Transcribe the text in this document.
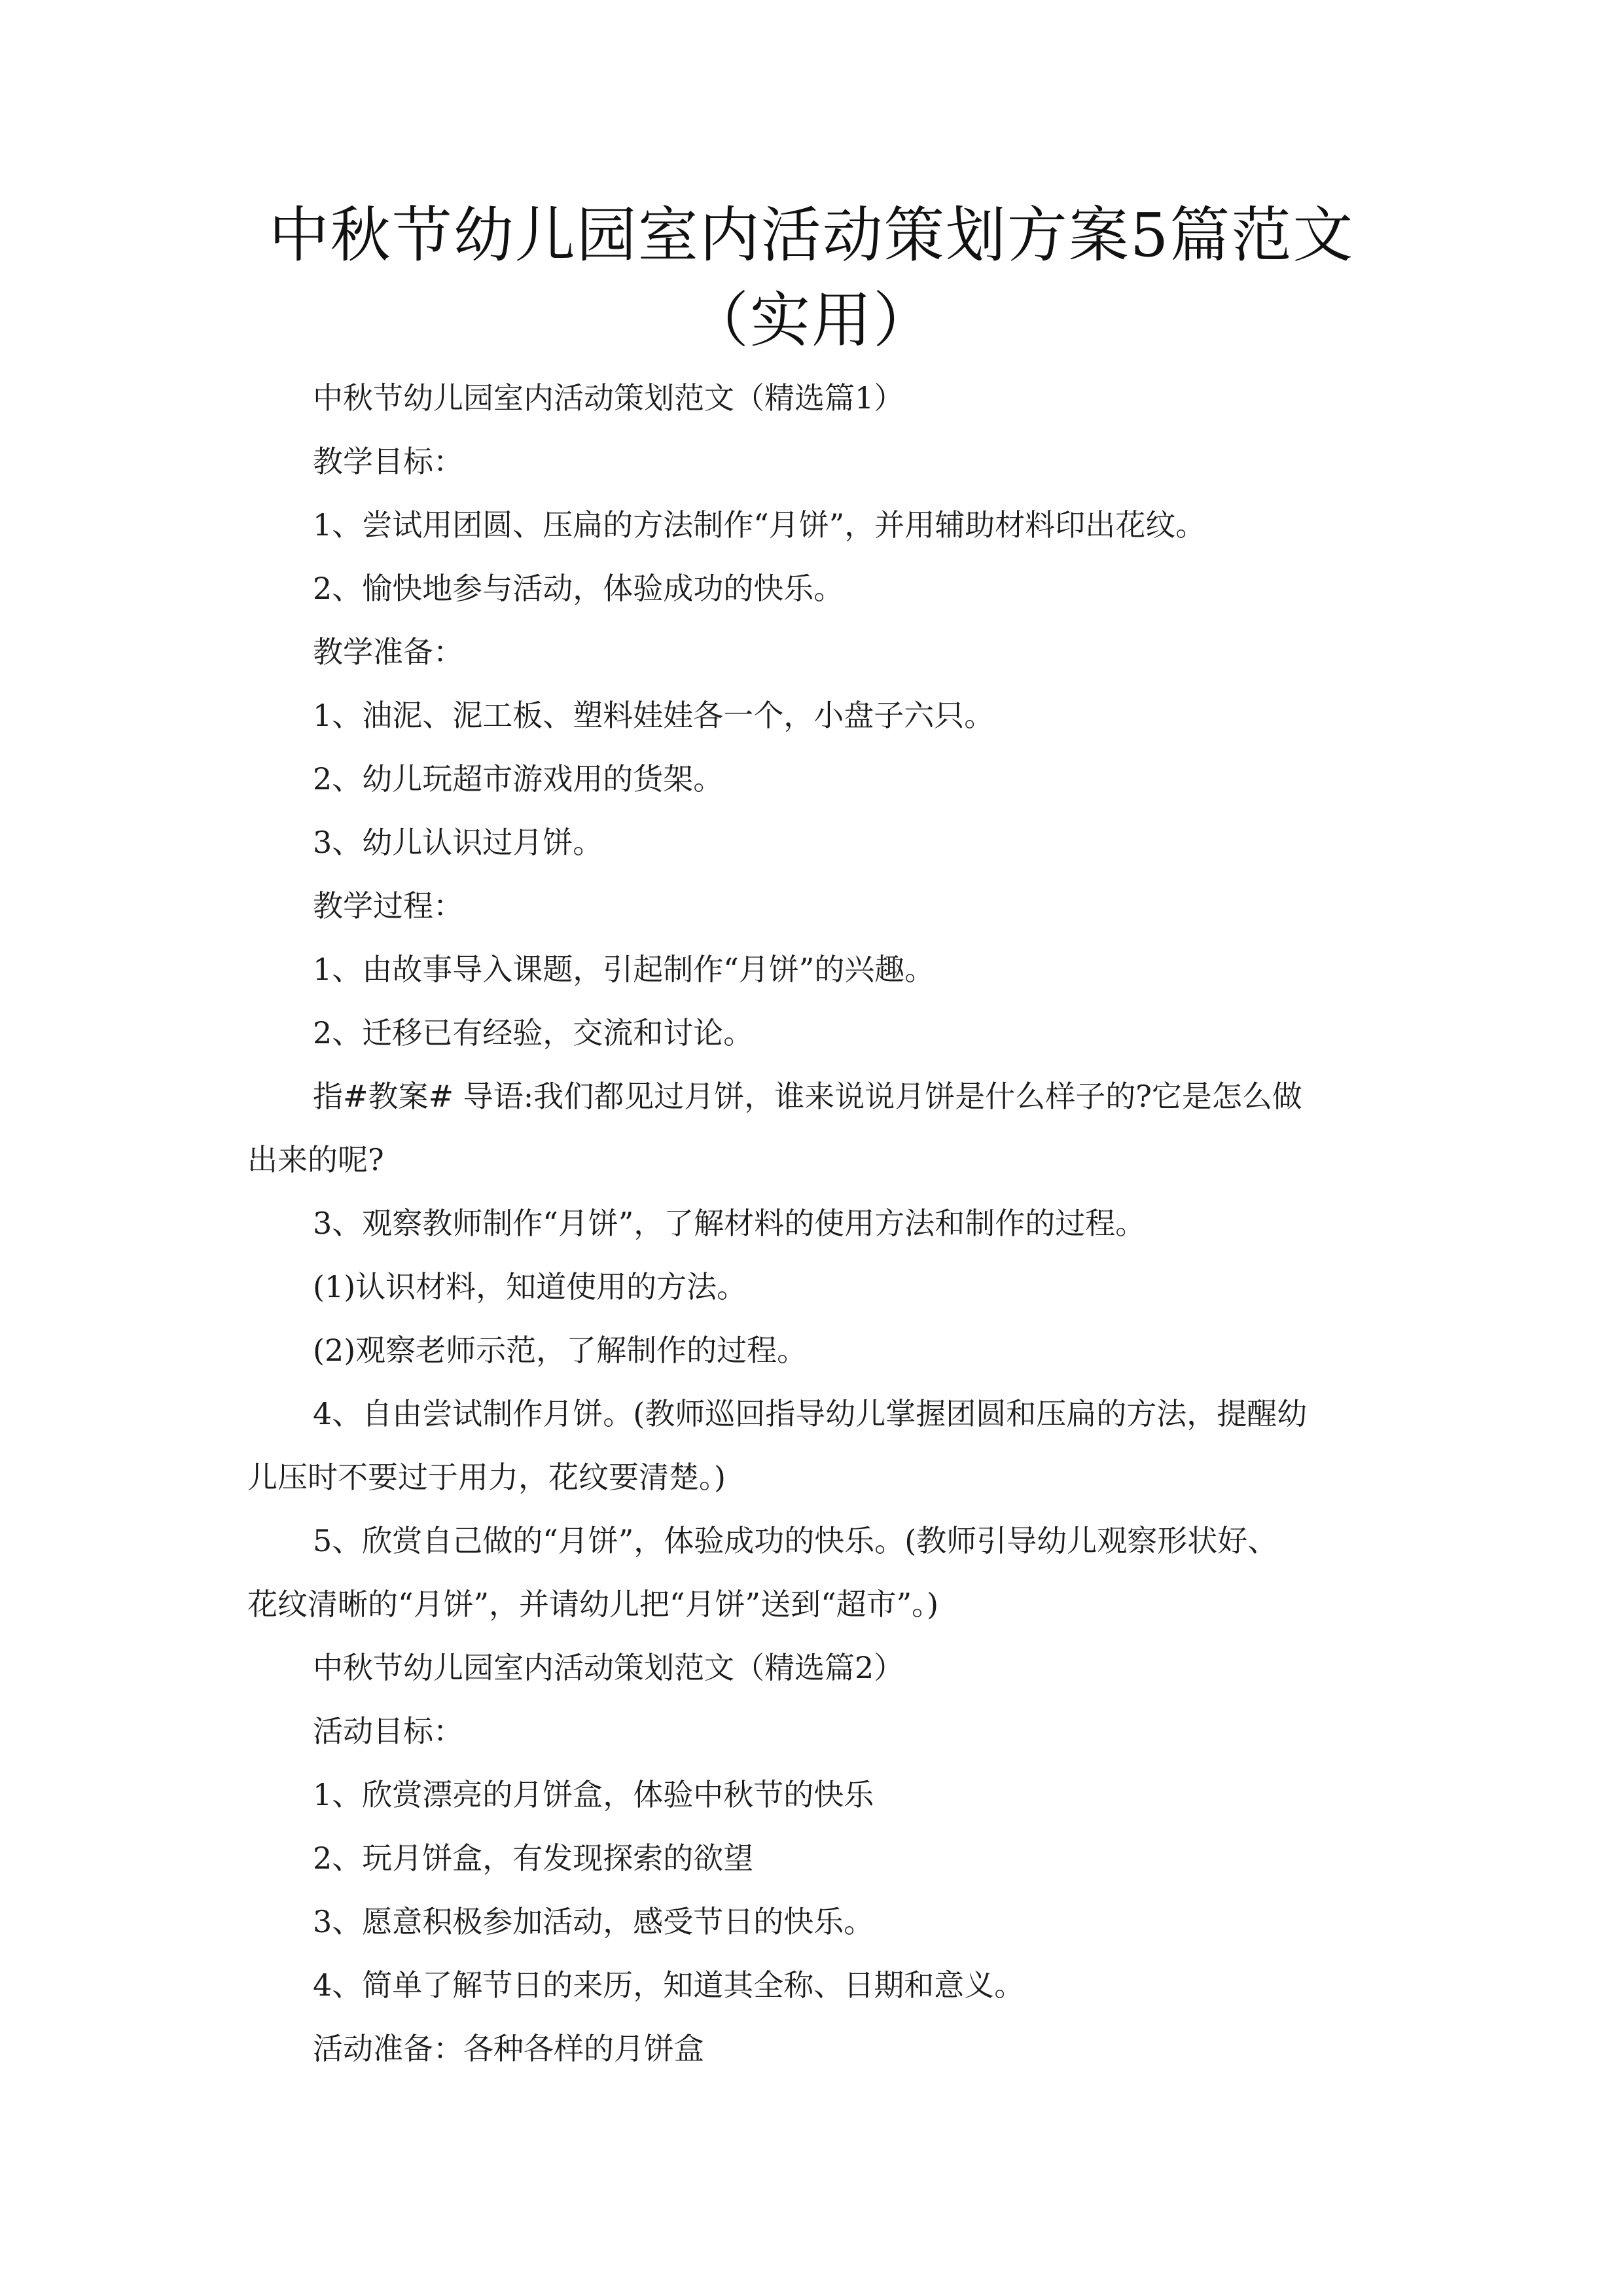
中秋节幼儿园室内活动策划方案5篇范文
（实用）
中秋节幼儿园室内活动策划范文（精选篇1）
教学目标：
1、尝试用团圆、压扁的方法制作“月饼”，并用辅助材料印出花纹。
2、愉快地参与活动，体验成功的快乐。
教学准备：
1、油泥、泥工板、塑料娃娃各一个，小盘子六只。
2、幼儿玩超市游戏用的货架。
3、幼儿认识过月饼。
教学过程：
1、由故事导入课题，引起制作“月饼”的兴趣。
2、迁移已有经验，交流和讨论。
指#教案# 导语:我们都见过月饼，谁来说说月饼是什么样子的?它是怎么做
出来的呢?
3、观察教师制作“月饼”，了解材料的使用方法和制作的过程。
(1)认识材料，知道使用的方法。
(2)观察老师示范，了解制作的过程。
4、自由尝试制作月饼。(教师巡回指导幼儿掌握团圆和压扁的方法，提醒幼
儿压时不要过于用力，花纹要清楚。)
5、欣赏自己做的“月饼”，体验成功的快乐。(教师引导幼儿观察形状好、
花纹清晰的“月饼”，并请幼儿把“月饼”送到“超市”。)
中秋节幼儿园室内活动策划范文（精选篇2）
活动目标：
1、欣赏漂亮的月饼盒，体验中秋节的快乐
2、玩月饼盒，有发现探索的欲望
3、愿意积极参加活动，感受节日的快乐。
4、简单了解节日的来历，知道其全称、日期和意义。
活动准备：各种各样的月饼盒
